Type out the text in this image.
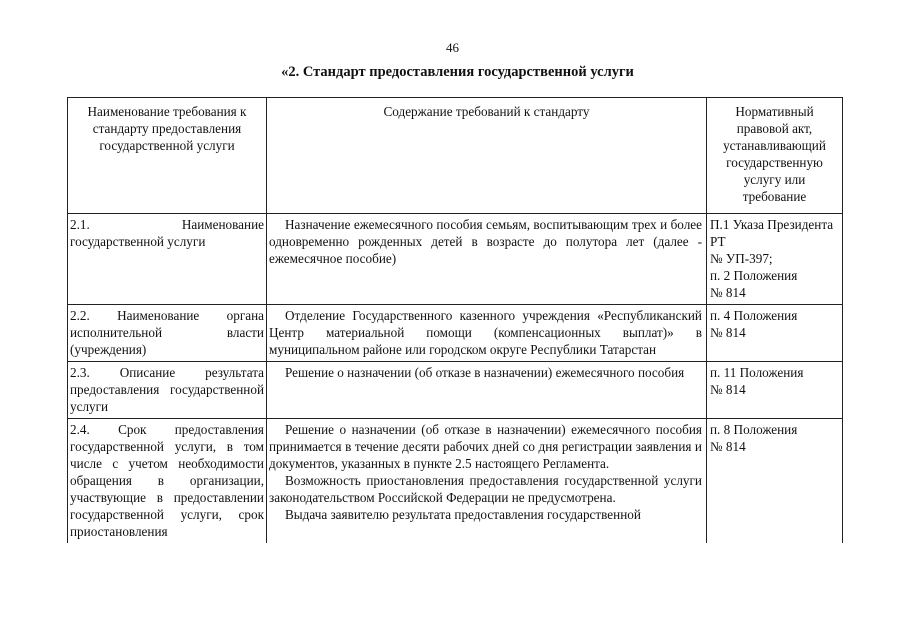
46
«2. Стандарт предоставления государственной услуги
Наименование требования к стандарту предоставления государственной услуги	Содержание требований к стандарту	Нормативный правовой акт, устанавливающий государственную услугу или требование
2.1. Наименование государственной услуги	Назначение ежемесячного пособия семьям, воспитывающим трех и более одновременно рожденных детей в возрасте до полутора лет (далее - ежемесячное пособие)	П.1 Указа Президента РТ
№ УП-397;
п. 2 Положения
№ 814

2.2. Наименование органа исполнительной власти (учреждения)	Отделение Государственного казенного учреждения «Республиканский Центр материальной помощи (компенсационных выплат)» в муниципальном районе или городском округе Республики Татарстан	п. 4 Положения
№ 814

2.3. Описание результата предоставления государственной услуги	Решение о назначении (об отказе в назначении) ежемесячного пособия	п. 11 Положения
№ 814

2.4. Срок предоставления государственной услуги, в том числе с учетом необходимости обращения в организации, участвующие в предоставлении государственной услуги, срок приостановления	Решение о назначении (об отказе в назначении) ежемесячного пособия принимается в течение десяти рабочих дней со дня регистрации заявления и документов, указанных в пункте 2.5 настоящего Регламента.
Возможность приостановления предоставления государственной услуги законодательством Российской Федерации не предусмотрена.
Выдача заявителю результата предоставления государственной	п. 8 Положения
№ 814
